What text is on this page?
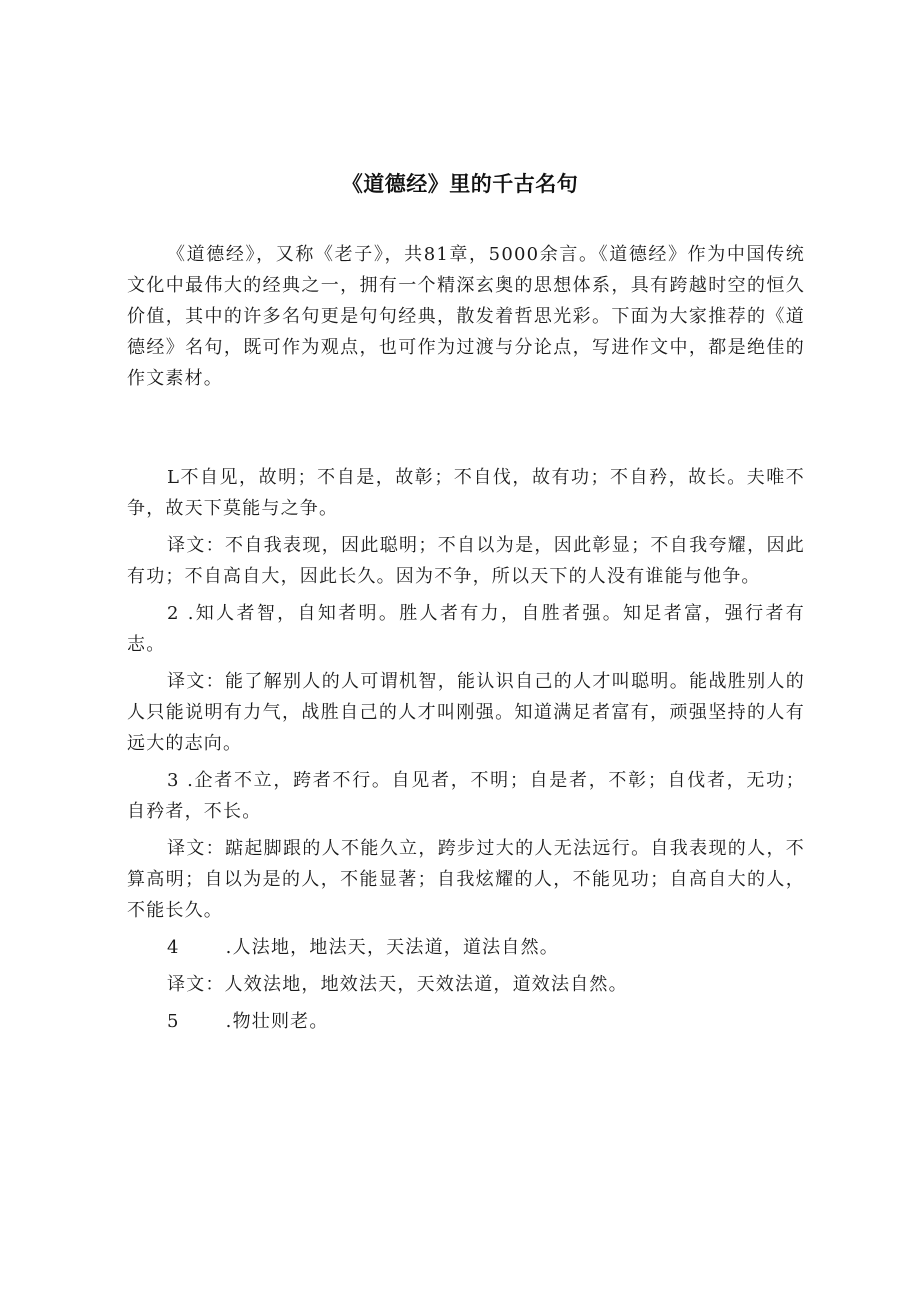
《道德经》里的千古名句

《道德经》，又称《老子》，共81章，5000余言。《道德经》作为中国传统文化中最伟大的经典之一，拥有一个精深玄奥的思想体系，具有跨越时空的恒久价值，其中的许多名句更是句句经典，散发着哲思光彩。下面为大家推荐的《道德经》名句，既可作为观点，也可作为过渡与分论点，写进作文中，都是绝佳的作文素材。

L不自见，故明；不自是，故彰；不自伐，故有功；不自矜，故长。夫唯不争，故天下莫能与之争。

译文：不自我表现，因此聪明；不自以为是，因此彰显；不自我夸耀，因此有功；不自高自大，因此长久。因为不争，所以天下的人没有谁能与他争。

2 .知人者智，自知者明。胜人者有力，自胜者强。知足者富，强行者有志。

译文：能了解别人的人可谓机智，能认识自己的人才叫聪明。能战胜别人的人只能说明有力气，战胜自己的人才叫刚强。知道满足者富有，顽强坚持的人有远大的志向。

3 .企者不立，跨者不行。自见者，不明；自是者，不彰；自伐者，无功；自矜者，不长。

译文：踮起脚跟的人不能久立，跨步过大的人无法远行。自我表现的人，不算高明；自以为是的人，不能显著；自我炫耀的人，不能见功；自高自大的人，不能长久。

4	.人法地，地法天，天法道，道法自然。

译文：人效法地，地效法天，天效法道，道效法自然。

5	.物壮则老。
